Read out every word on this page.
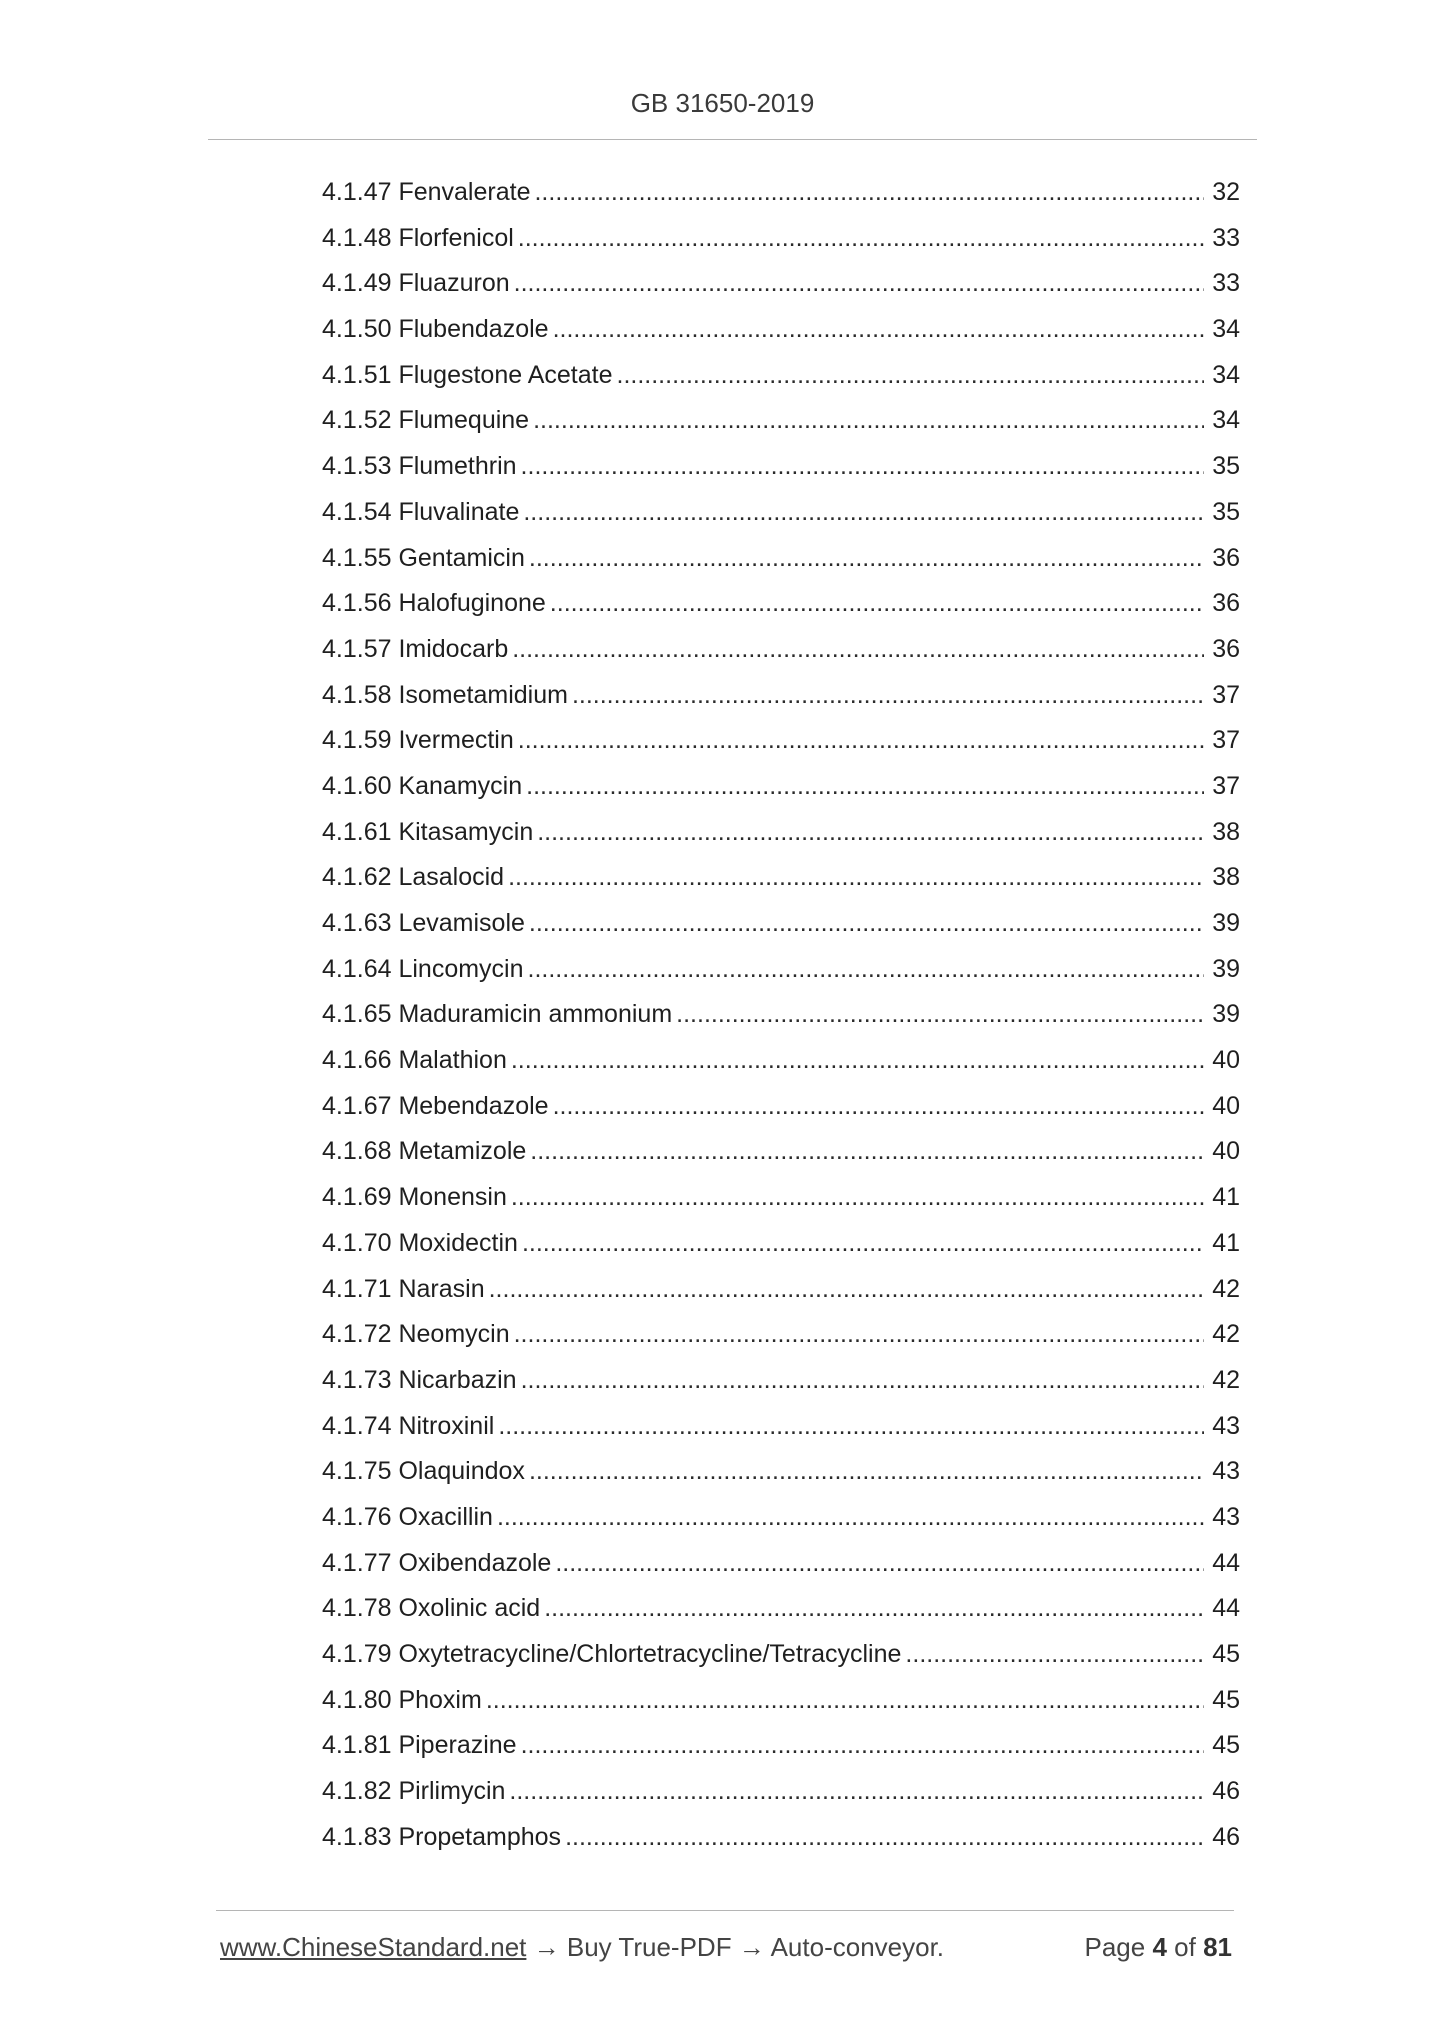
GB 31650-2019
4.1.47 Fenvalerate .....	32
4.1.48 Florfenicol .....	33
4.1.49 Fluazuron .....	33
4.1.50 Flubendazole .....	34
4.1.51 Flugestone Acetate .....	34
4.1.52 Flumequine .....	34
4.1.53 Flumethrin .....	35
4.1.54 Fluvalinate .....	35
4.1.55 Gentamicin .....	36
4.1.56 Halofuginone .....	36
4.1.57 Imidocarb .....	36
4.1.58 Isometamidium .....	37
4.1.59 Ivermectin .....	37
4.1.60 Kanamycin .....	37
4.1.61 Kitasamycin .....	38
4.1.62 Lasalocid .....	38
4.1.63 Levamisole .....	39
4.1.64 Lincomycin .....	39
4.1.65 Maduramicin ammonium .....	39
4.1.66 Malathion .....	40
4.1.67 Mebendazole .....	40
4.1.68 Metamizole .....	40
4.1.69 Monensin .....	41
4.1.70 Moxidectin .....	41
4.1.71 Narasin .....	42
4.1.72 Neomycin .....	42
4.1.73 Nicarbazin .....	42
4.1.74 Nitroxinil .....	43
4.1.75 Olaquindox .....	43
4.1.76 Oxacillin .....	43
4.1.77 Oxibendazole .....	44
4.1.78 Oxolinic acid .....	44
4.1.79 Oxytetracycline/Chlortetracycline/Tetracycline .....	45
4.1.80 Phoxim .....	45
4.1.81 Piperazine .....	45
4.1.82 Pirlimycin .....	46
4.1.83 Propetamphos .....	46
www.ChineseStandard.net → Buy True-PDF → Auto-conveyor.	Page 4 of 81
